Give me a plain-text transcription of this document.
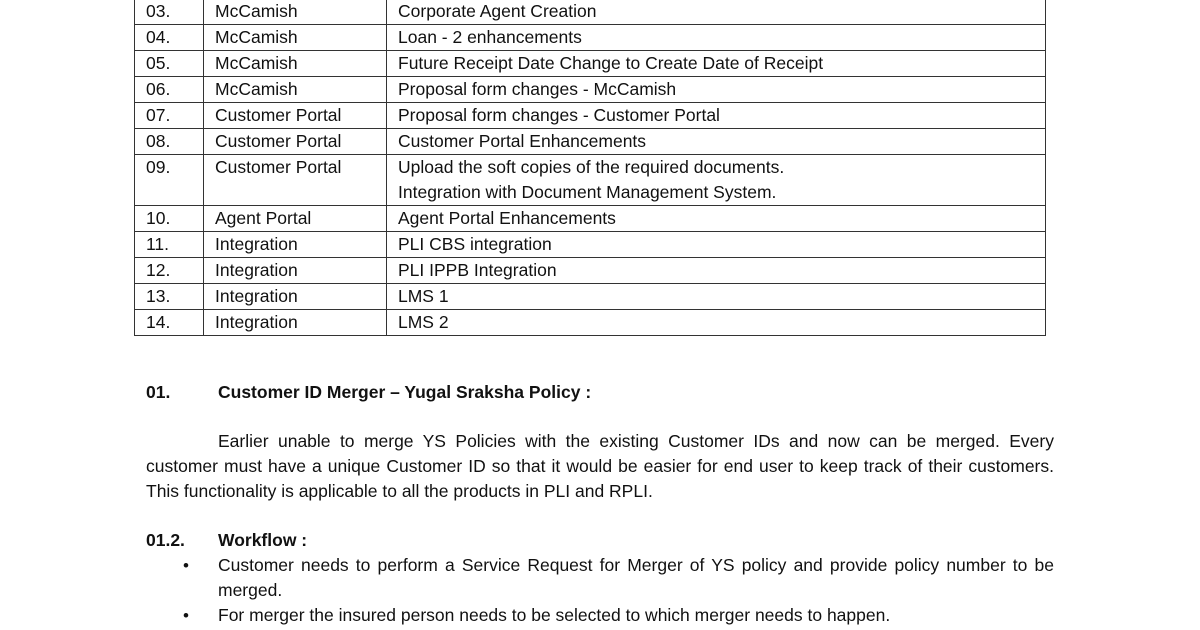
03.	McCamish	Corporate Agent Creation

04.	McCamish	Loan - 2 enhancements

05.	McCamish	Future Receipt Date Change to Create Date of Receipt

06.	McCamish	Proposal form changes - McCamish

07.	Customer Portal	Proposal form changes - Customer Portal

08.	Customer Portal	Customer Portal Enhancements

09.	Customer Portal	Upload the soft copies of the required documents.
Integration with Document Management System.

10.	Agent Portal	Agent Portal Enhancements

11.	Integration	PLI CBS integration

12.	Integration	PLI IPPB Integration

13.	Integration	LMS 1

14.	Integration	LMS 2
01.	Customer ID Merger – Yugal Sraksha Policy :
Earlier unable to merge YS Policies with the existing Customer IDs and now can be merged. Every customer must have a unique Customer ID so that it would be easier for end user to keep track of their customers. This functionality is applicable to all the products in PLI and RPLI.
01.2. Workflow :
• Customer needs to perform a Service Request for Merger of YS policy and provide policy number to be merged.
• For merger the insured person needs to be selected to which merger needs to happen.
